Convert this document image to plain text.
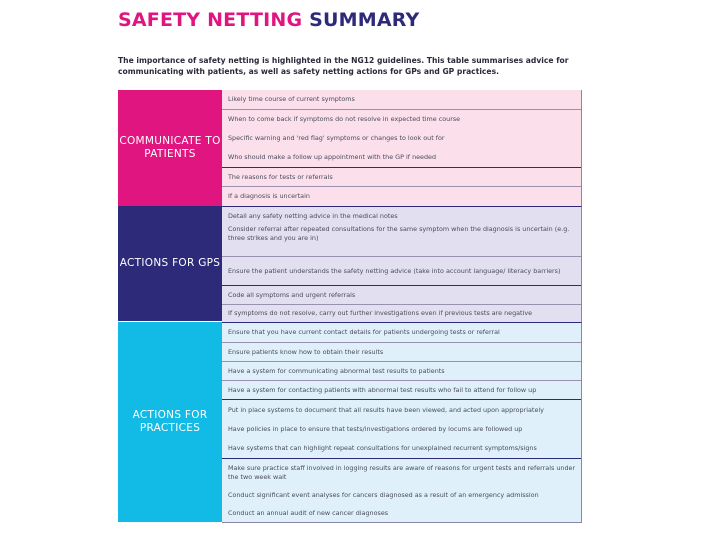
SAFETY NETTING SUMMARY
The importance of safety netting is highlighted in the NG12 guidelines. This table summarises advice for communicating with patients, as well as safety netting actions for GPs and GP practices.
COMMUNICATE TO PATIENTS
Likely time course of current symptoms
When to come back if symptoms do not resolve in expected time course
Specific warning and 'red flag' symptoms or changes to look out for
Who should make a follow up appointment with the GP if needed
The reasons for tests or referrals
If a diagnosis is uncertain
ACTIONS FOR GPS
Detail any safety netting advice in the medical notes
Consider referral after repeated consultations for the same symptom when the diagnosis is uncertain (e.g. three strikes and you are in)
Ensure the patient understands the safety netting advice (take into account language/ literacy barriers)
Code all symptoms and urgent referrals
If symptoms do not resolve, carry out further investigations even if previous tests are negative
ACTIONS FOR PRACTICES
Ensure that you have current contact details for patients undergoing tests or referral
Ensure patients know how to obtain their results
Have a system for communicating abnormal test results to patients
Have a system for contacting patients with abnormal test results who fail to attend for follow up
Put in place systems to document that all results have been viewed, and acted upon appropriately
Have policies in place to ensure that tests/investigations ordered by locums are followed up
Have systems that can highlight repeat consultations for unexplained recurrent symptoms/signs
Make sure practice staff involved in logging results are aware of reasons for urgent tests and referrals under the two week wait
Conduct significant event analyses for cancers diagnosed as a result of an emergency admission
Conduct an annual audit of new cancer diagnoses
